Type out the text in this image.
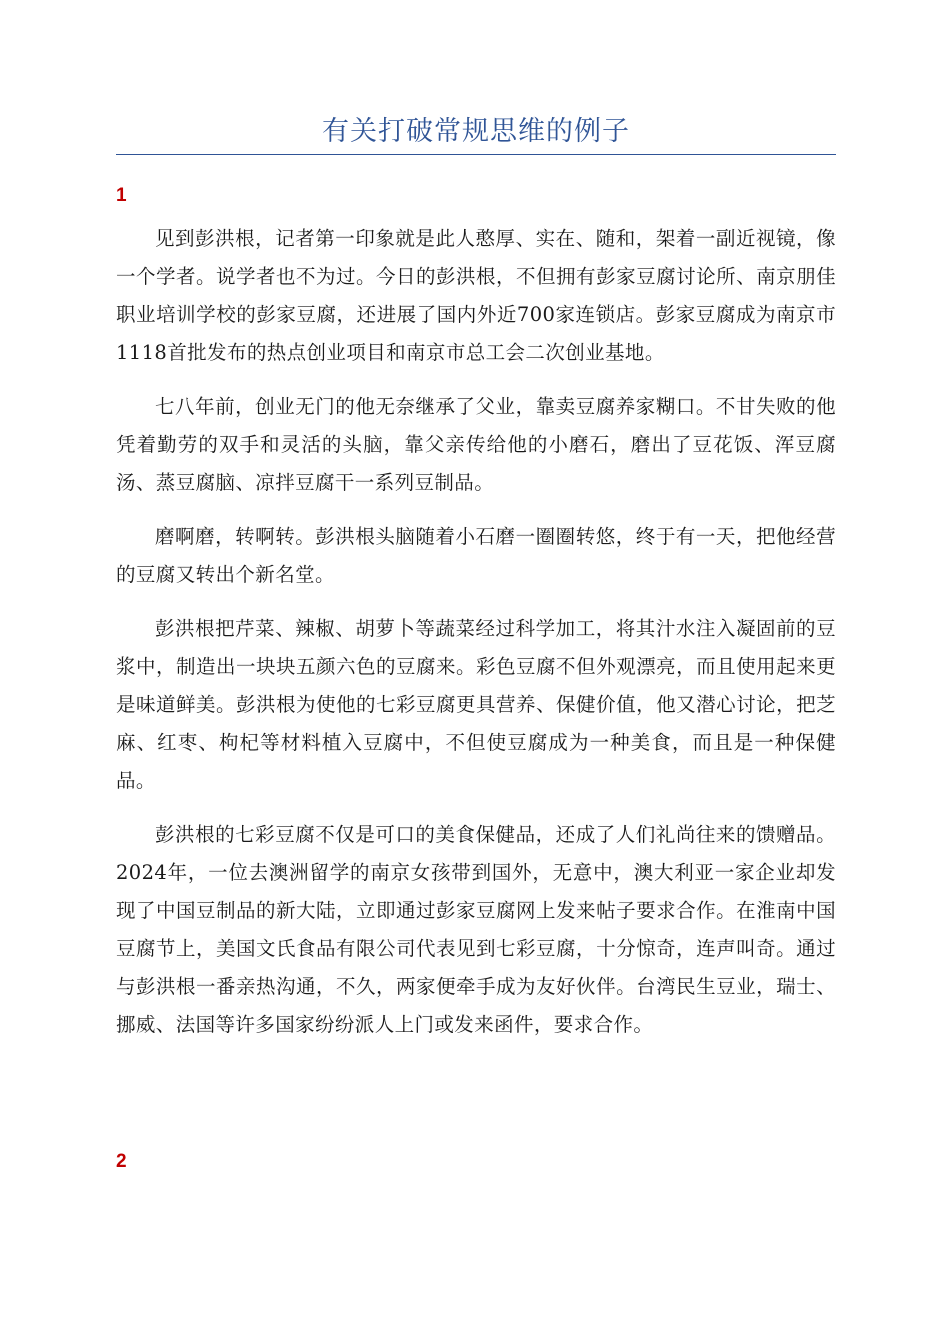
有关打破常规思维的例子
1

见到彭洪根，记者第一印象就是此人憨厚、实在、随和，架着一副近视镜，像一个学者。说学者也不为过。今日的彭洪根，不但拥有彭家豆腐讨论所、南京朋佳职业培训学校的彭家豆腐，还进展了国内外近700家连锁店。彭家豆腐成为南京市1118首批发布的热点创业项目和南京市总工会二次创业基地。

七八年前，创业无门的他无奈继承了父业，靠卖豆腐养家糊口。不甘失败的他凭着勤劳的双手和灵活的头脑，靠父亲传给他的小磨石，磨出了豆花饭、浑豆腐汤、蒸豆腐脑、凉拌豆腐干一系列豆制品。

磨啊磨，转啊转。彭洪根头脑随着小石磨一圈圈转悠，终于有一天，把他经营的豆腐又转出个新名堂。

彭洪根把芹菜、辣椒、胡萝卜等蔬菜经过科学加工，将其汁水注入凝固前的豆浆中，制造出一块块五颜六色的豆腐来。彩色豆腐不但外观漂亮，而且使用起来更是味道鲜美。彭洪根为使他的七彩豆腐更具营养、保健价值，他又潜心讨论，把芝麻、红枣、枸杞等材料植入豆腐中，不但使豆腐成为一种美食，而且是一种保健品。

彭洪根的七彩豆腐不仅是可口的美食保健品，还成了人们礼尚往来的馈赠品。2024年，一位去澳洲留学的南京女孩带到国外，无意中，澳大利亚一家企业却发现了中国豆制品的新大陆，立即通过彭家豆腐网上发来帖子要求合作。在淮南中国豆腐节上，美国文氏食品有限公司代表见到七彩豆腐，十分惊奇，连声叫奇。通过与彭洪根一番亲热沟通，不久，两家便牵手成为友好伙伴。台湾民生豆业，瑞士、挪威、法国等许多国家纷纷派人上门或发来函件，要求合作。

2
